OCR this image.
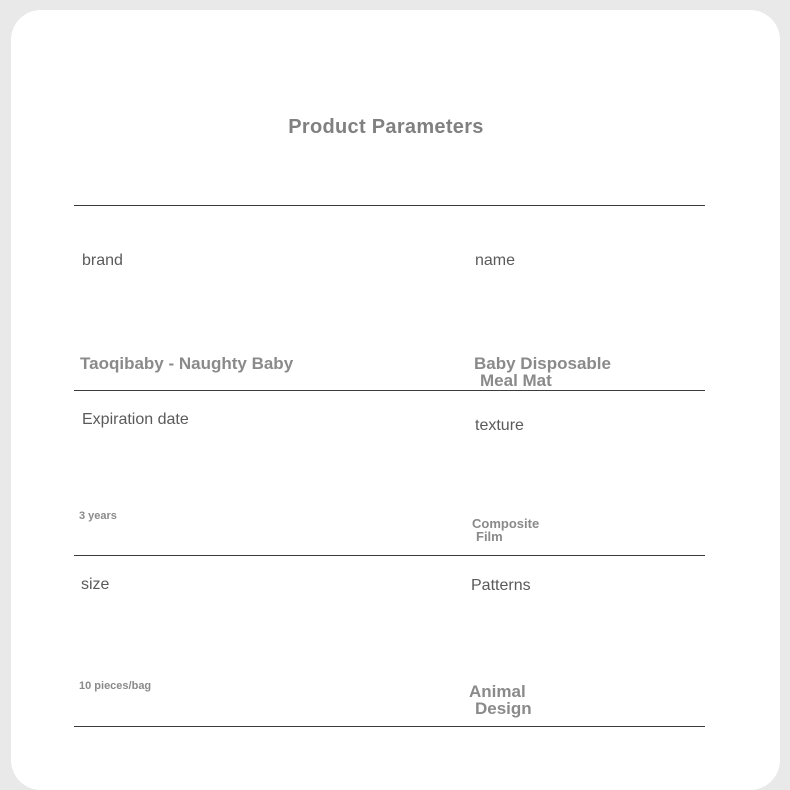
Product Parameters
brand	name
Taoqibaby - Naughty Baby	Baby Disposable
Meal Mat
Expiration date	texture
3 years	Composite
Film
size	Patterns
10 pieces/bag	Animal
Design
